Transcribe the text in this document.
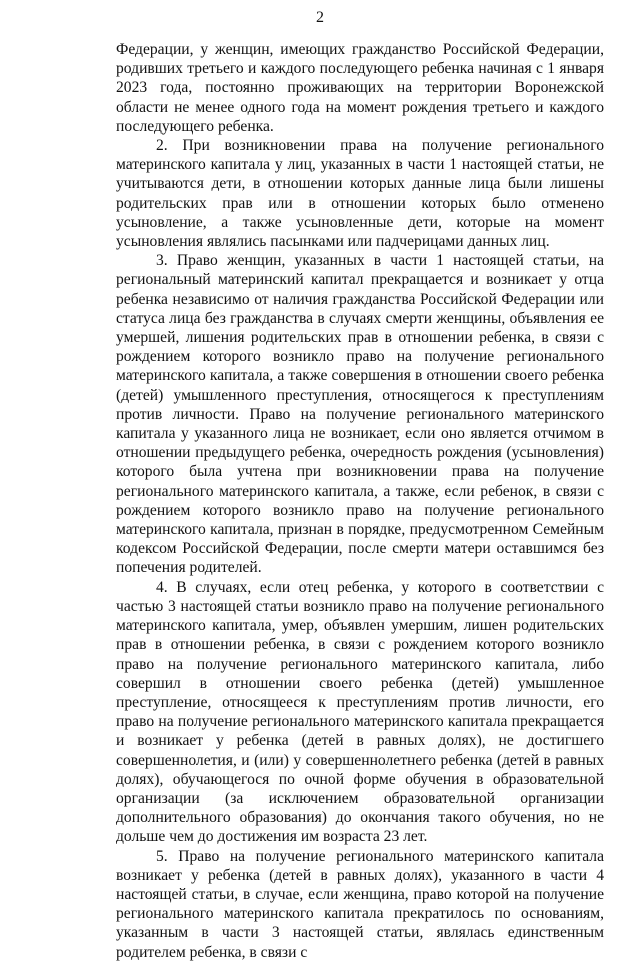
2

Федерации, у женщин, имеющих гражданство Российской Федерации, родивших третьего и каждого последующего ребенка начиная с 1 января 2023 года, постоянно проживающих на территории Воронежской области не менее одного года на момент рождения третьего и каждого последующего ребенка.

2. При возникновении права на получение регионального материнского капитала у лиц, указанных в части 1 настоящей статьи, не учитываются дети, в отношении которых данные лица были лишены родительских прав или в отношении которых было отменено усыновление, а также усыновленные дети, которые на момент усыновления являлись пасынками или падчерицами данных лиц.

3. Право женщин, указанных в части 1 настоящей статьи, на региональный материнский капитал прекращается и возникает у отца ребенка независимо от наличия гражданства Российской Федерации или статуса лица без гражданства в случаях смерти женщины, объявления ее умершей, лишения родительских прав в отношении ребенка, в связи с рождением которого возникло право на получение регионального материнского капитала, а также совершения в отношении своего ребенка (детей) умышленного преступления, относящегося к преступлениям против личности. Право на получение регионального материнского капитала у указанного лица не возникает, если оно является отчимом в отношении предыдущего ребенка, очередность рождения (усыновления) которого была учтена при возникновении права на получение регионального материнского капитала, а также, если ребенок, в связи с рождением которого возникло право на получение регионального материнского капитала, признан в порядке, предусмотренном Семейным кодексом Российской Федерации, после смерти матери оставшимся без попечения родителей.

4. В случаях, если отец ребенка, у которого в соответствии с частью 3 настоящей статьи возникло право на получение регионального материнского капитала, умер, объявлен умершим, лишен родительских прав в отношении ребенка, в связи с рождением которого возникло право на получение регионального материнского капитала, либо совершил в отношении своего ребенка (детей) умышленное преступление, относящееся к преступлениям против личности, его право на получение регионального материнского капитала прекращается и возникает у ребенка (детей в равных долях), не достигшего совершеннолетия, и (или) у совершеннолетнего ребенка (детей в равных долях), обучающегося по очной форме обучения в образовательной организации (за исключением образовательной организации дополнительного образования) до окончания такого обучения, но не дольше чем до достижения им возраста 23 лет.

5. Право на получение регионального материнского капитала возникает у ребенка (детей в равных долях), указанного в части 4 настоящей статьи, в случае, если женщина, право которой на получение регионального материнского капитала прекратилось по основаниям, указанным в части 3 настоящей статьи, являлась единственным родителем ребенка, в связи с
